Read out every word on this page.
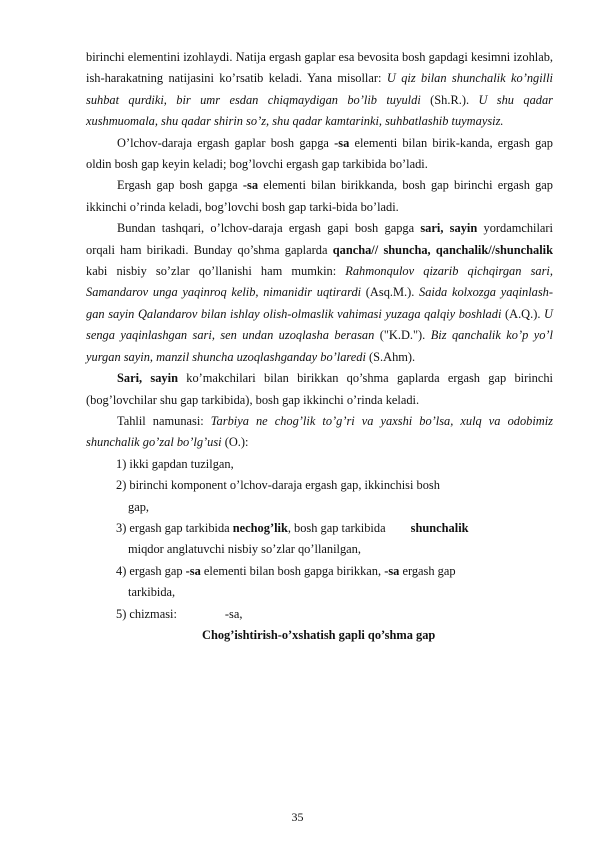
birinchi elementini izohlaydi. Natija ergash gaplar esa bevosita bosh gapdagi kesimni izohlab, ish-harakatning natijasini ko’rsatib keladi. Yana misollar: U qiz bilan shunchalik ko’ngilli suhbat qurdiki, bir umr esdan chiqmaydigan bo’lib tuyuldi (Sh.R.). U shu qadar xushmuomala, shu qadar shirin so’z, shu qadar kamtarinki, suhbatlashib tuymaysiz.

O’lchov-daraja ergash gaplar bosh gapga -sa elementi bilan birik-kanda, ergash gap oldin bosh gap keyin keladi; bog’lovchi ergash gap tarkibida bo’ladi.

Ergash gap bosh gapga -sa elementi bilan birikkanda, bosh gap birinchi ergash gap ikkinchi o’rinda keladi, bog’lovchi bosh gap tarki-bida bo’ladi.

Bundan tashqari, o’lchov-daraja ergash gapi bosh gapga sari, sayin yordamchilari orqali ham birikadi. Bunday qo’shma gaplarda qancha// shuncha, qanchalik//shunchalik kabi nisbiy so’zlar qo’llanishi ham mumkin: Rahmonqulov qizarib qichqirgan sari, Samandarov unga yaqinroq kelib, nimanidir uqtirardi (Asq.M.). Saida kolxozga yaqinlash-gan sayin Qalandarov bilan ishlay olish-olmaslik vahimasi yuzaga qalqiy boshladi (A.Q.). U senga yaqinlashgan sari, sen undan uzoqlasha berasan ("K.D."). Biz qanchalik ko’p yo’l yurgan sayin, manzil shuncha uzoqlashganday bo’laredi (S.Ahm).

Sari, sayin ko’makchilari bilan birikkan qo’shma gaplarda ergash gap birinchi (bog’lovchilar shu gap tarkibida), bosh gap ikkinchi o’rinda keladi.

Tahlil namunasi: Tarbiya ne chog’lik to’g’ri va yaxshi bo’lsa, xulq va odobimiz shunchalik go’zal bo’lg’usi (O.):

1) ikki gapdan tuzilgan,

2) birinchi komponent o’lchov-daraja ergash gap, ikkinchisi bosh

gap,

3) ergash gap tarkibida nechog’lik, bosh gap tarkibida shunchalik

miqdor anglatuvchi nisbiy so’zlar qo’llanilgan,

4) ergash gap -sa elementi bilan bosh gapga birikkan, -sa ergash gap

tarkibida,

5) chizmasi:	-sa,

Chog’ishtirish-o’xshatish gapli qo’shma gap

35
